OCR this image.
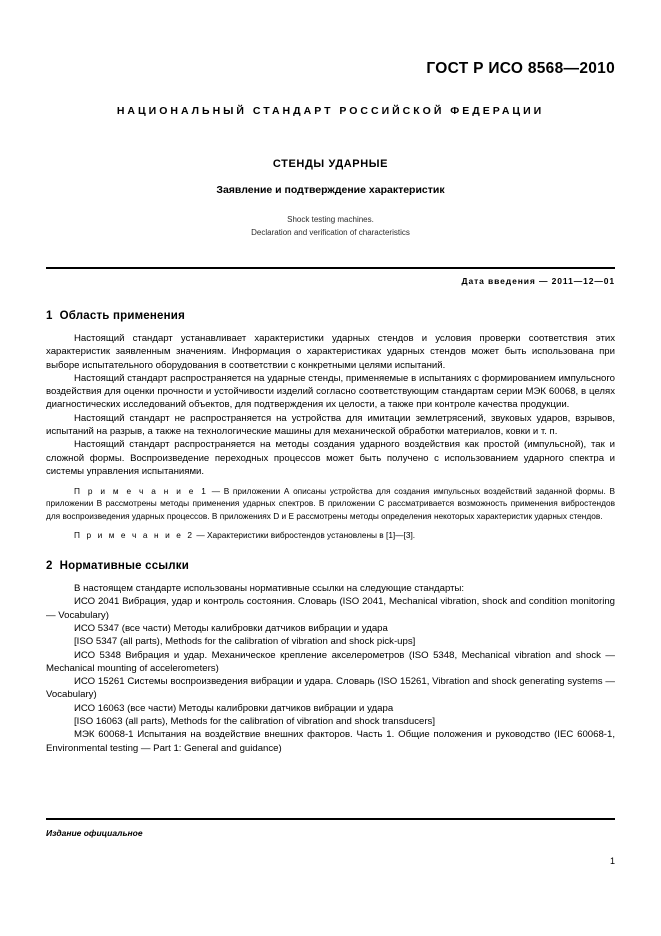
ГОСТ Р ИСО 8568—2010
НАЦИОНАЛЬНЫЙ СТАНДАРТ РОССИЙСКОЙ ФЕДЕРАЦИИ
СТЕНДЫ УДАРНЫЕ
Заявление и подтверждение характеристик
Shock testing machines.
Declaration and verification of characteristics
Дата введения — 2011—12—01
1 Область применения

Настоящий стандарт устанавливает характеристики ударных стендов и условия проверки соответствия этих характеристик заявленным значениям. Информация о характеристиках ударных стендов может быть использована при выборе испытательного оборудования в соответствии с конкретными целями испытаний.

Настоящий стандарт распространяется на ударные стенды, применяемые в испытаниях с формированием импульсного воздействия для оценки прочности и устойчивости изделий согласно соответствующим стандартам серии МЭК 60068, в целях диагностических исследований объектов, для подтверждения их целости, а также при контроле качества продукции.

Настоящий стандарт не распространяется на устройства для имитации землетрясений, звуковых ударов, взрывов, испытаний на разрыв, а также на технологические машины для механической обработки материалов, ковки и т. п.

Настоящий стандарт распространяется на методы создания ударного воздействия как простой (импульсной), так и сложной формы. Воспроизведение переходных процессов может быть получено с использованием ударного спектра и системы управления испытаниями.

П р и м е ч а н и е 1 — В приложении А описаны устройства для создания импульсных воздействий заданной формы. В приложении В рассмотрены методы применения ударных спектров. В приложении С рассматривается возможность применения вибростендов для воспроизведения ударных процессов. В приложениях D и Е рассмотрены методы определения некоторых характеристик ударных стендов.

П р и м е ч а н и е 2 — Характеристики вибростендов установлены в [1]—[3].

2 Нормативные ссылки

В настоящем стандарте использованы нормативные ссылки на следующие стандарты:

ИСО 2041 Вибрация, удар и контроль состояния. Словарь (ISO 2041, Mechanical vibration, shock and condition monitoring — Vocabulary)

ИСО 5347 (все части) Методы калибровки датчиков вибрации и удара

[ISO 5347 (all parts), Methods for the calibration of vibration and shock pick-ups]

ИСО 5348 Вибрация и удар. Механическое крепление акселерометров (ISO 5348, Mechanical vibration and shock — Mechanical mounting of accelerometers)

ИСО 15261 Системы воспроизведения вибрации и удара. Словарь (ISO 15261, Vibration and shock generating systems — Vocabulary)

ИСО 16063 (все части) Методы калибровки датчиков вибрации и удара

[ISO 16063 (all parts), Methods for the calibration of vibration and shock transducers]

МЭК 60068-1 Испытания на воздействие внешних факторов. Часть 1. Общие положения и руководство (IEC 60068-1, Environmental testing — Part 1: General and guidance)

Издание официальное
1
